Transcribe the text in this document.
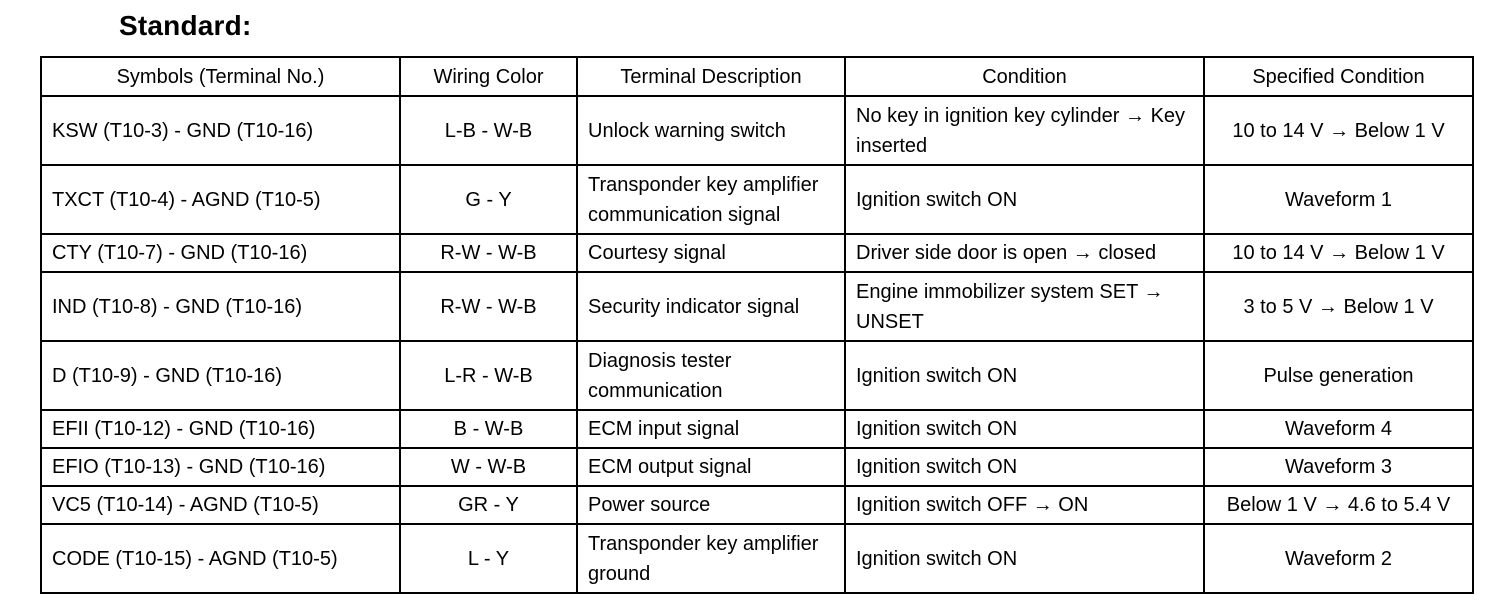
Standard:
Symbols (Terminal No.)	Wiring Color	Terminal Description	Condition	Specified Condition
KSW (T10-3) - GND (T10-16)	L-B - W-B	Unlock warning switch	No key in ignition key cylinder → Key inserted	10 to 14 V → Below 1 V
TXCT (T10-4) - AGND (T10-5)	G - Y	Transponder key amplifier communication signal	Ignition switch ON	Waveform 1
CTY (T10-7) - GND (T10-16)	R-W - W-B	Courtesy signal	Driver side door is open → closed	10 to 14 V → Below 1 V
IND (T10-8) - GND (T10-16)	R-W - W-B	Security indicator signal	Engine immobilizer system SET → UNSET	3 to 5 V → Below 1 V
D (T10-9) - GND (T10-16)	L-R - W-B	Diagnosis tester communication	Ignition switch ON	Pulse generation
EFII (T10-12) - GND (T10-16)	B - W-B	ECM input signal	Ignition switch ON	Waveform 4
EFIO (T10-13) - GND (T10-16)	W - W-B	ECM output signal	Ignition switch ON	Waveform 3
VC5 (T10-14) - AGND (T10-5)	GR - Y	Power source	Ignition switch OFF → ON	Below 1 V → 4.6 to 5.4 V
CODE (T10-15) - AGND (T10-5)	L - Y	Transponder key amplifier ground	Ignition switch ON	Waveform 2
